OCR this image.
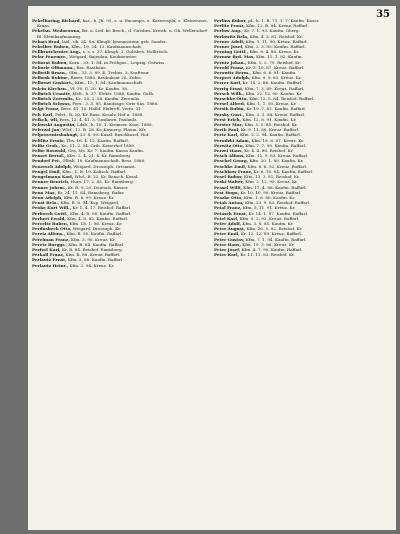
35

Pekelharing Richard, ksz., b. Jh. 95, s. u. Excampo, e. Kaseruspla, s. Kleinwusse, Kraas.

Pekelsn. Wedorowna, lkt. u. Lod. kr. Brsch., d. Gutsbes. Kreisb. u. Gh. Wellersdorf-Bl. Kleinkaufmannsg.

Pekari Brad, lasl., ob. 24. Sa. Klingb. Ipsmansteur, geb. Sonder.

Pekelber Ruben, Kfm., 19. 24. 13. Kaufmannschaft.

Pellbrozchenier Aug., s. s. s. 37. Klingh. 3. Gubsbes. Nolltrisch.

Pelar Fenemer., Weigard. Bajeulau, Kaulmeuster.

Peliorat Ruben, Kurn., 23. 1. 84. in Frebgus., Leipzig. Ostwiss.

Peliorie Olfimann., Rsz. Rasthaus.

Pelbotli Brsan., Gfm., 33. 3. 89. E. Trebus. 3. Kraftwur.

Pelbosk Rubine, Raser, 1883. Beubuksar 28. Zubis.

Pelbrozt Guskart., Kfm., 13. 1. 84. Kaufmannschaft.

Pelcin Kirchen., Vf. 30. G. 20. Kr. Kaufm. 38.

Pelbrich Uranitz, Mslt., h. 37. Elektr. 1888. Kaufm. Guth.

Pelbrich Zeremlis, Kr., 20. 2. 54. Kaufm. Zeremlis.

Pelbrich Schwas, Pers., 3. 3. 85. Bandsage, Orts-Sas. 1888.

Pelgt Franz, Besz. 41. 10. Halhf. Elxbreft. Verm. 31.

Pelt Karl, Pelst., B. 20. Kr. Rass. Kosalv. Hof u. 1888.

Pelkch, wll, Pers. 12. 4. 41. 3. Gosdawe. Paulaulz.

Pelowski Augustin, Ldsb., h. 10. 1. Kremser. Knoi. 1888.

Pelerzal Jan, Wlsf., 12. B. 28. Kr. Kasnerg. Flaum. Kfr.

Pelprovenirsbahngt, 23. 8. 90. Kasal. Buschkosel, Hof.

Peltlitz Ermio, Tbs. 16. 4. 12. Kaufm. Raffarl.

Pelfiz Grab., Kr., 11. 2. 54. Grib. Kaiserhof 1888.

Pelhe Roswold, Ges. Ms. Kr. 7. Kaufm. Kassa Kaufm.

Penert Bernd., Kfrs. 2. 4. 21. 4. Kr. Ramsberg.

Pendorf Pet., Plbsb. 18. Kaufmannschaft. Besz. 1888.

Penersch Adolph, Weigard. Drossuph. Ortsamst.

Pengel Emil, Kfm., 1. B. 19. Kalisch, Raffarl.

Pengelmann Karl, Wlsf., B. 22. Kr. Bensch. Kasal.

Penner Benrich, Hurs. 17. 2. 45. Kr. Ramsberg.

Penner Johrm., Kr. R. 9. 20. Deutsch. Kasser.

Penn Max, Rr. 24. 11. 84. Ramsberg. Rafar.

Penn Adolph, Kfm. R. 8. 99. Kreuz. Kr.

Penst Bela., Kfm. R. 8. 94. Ksp. Weigard.

Peoke Kurt Will., Kr. 1. 4. 17. Reishof. Raffarl.

Perberch Gottf., Kfm. 4. R. 90. Kaufm. Raffarl.

Perbert Ewald, Kfm. 4. 8. 82. Kaufm. Raffarl.

Perceltz Ruben, Kfm. 18. 1. 96. Kreuz. Kr.

Perdusbeck Otto, Weigard. Drossuph. Kr.

Pereiz Alfons., Kfm. R. 90. Kaufm. Raffarl.

Perelman Franz, Kfm. 3. 90. Kreuz. Kr.

Peretz Burggr., Kfm. B. 84. Kaufm. Raffarl.

Perferl Karl, Kr. R. 84. Reishof. Ramsberg.

Perkall Franz, Kfm. B. 88. Kreuz. Raffarl.

Perlautz Ernst, Kfm. 3. 86. Kaufm. Raffarl.

Perlautz Heinr., Kfm. 2. 94. Kreuz. Kr.

Perlins Rubor, pl., h. 1. R. 71. 1. 7. Kaufm. Kasor.

Perlitz Franz, Kfm. 12. B. 84. Kreuz. Raffarl.

Perlow Aug., Kr. 7. 1. 93. Kaufm. Oberg.

Perlowitz Bela, Kfm. 4. 3. 81. Reishof. Kr.

Perner Adolf, Kfm. 1. 11. 90. Kreuz. Raffarl.

Perner Josef, Kfm. 2. 3. 85. Kaufm. Raffarl.

Perning Gottf., Kfm. 8. 4. 88. Kreuz. Kr.

Pernow Brd. Max, Kfm. 11. 1. 92. Kaufm.

Perntz Johan., Kfm. 5. 2. 79. Reishof. Kr.

Perold Franz, Kr. 3. 10. 87. Kreuz. Raffarl.

Perowitz Herm., Kfm. 6. 6. 91. Kaufm.

Perpert Adolph, Kfm. 9. 9. 83. Kreuz. Kr.

Perrer Karl, Kr. 14. 2. 86. Kaufm. Raffarl.

Perrig Ernst, Kfm. 7. 3. 89. Kreuz. Raffarl.

Persch Wilh., Kfm. 22. 12. 90. Kaufm. Kr.

Perschke Otto, Kfm. 15. 5. 84. Reishof. Raffarl.

Persel Alfred, Kfm. 1. 1. 93. Kreuz. Kr.

Persik Rubin, Kr. 19. 7. 82. Kaufm. Raffarl.

Persky Gust., Kfm. 3. 3. 88. Kreuz. Raffarl.

Perst Erich, Kfm. 12. 8. 91. Kaufm. Kr.

Perster Max, Kfm. 5. 5. 85. Reishof. Kr.

Perth Paul, Kr. 9. 11. 80. Kreuz. Raffarl.

Pertz Karl, Kfm. 2. 2. 94. Kaufm. Raffarl.

Perudzki Adam, Kfm. 18. 6. 87. Kreuz. Kr.

Perwitz Otto, Kfm. 7. 7. 90. Kaufm. Raffarl.

Perzel Hans, Kr. 4. 4. 86. Reishof. Kr.

Pesch Alfons, Kfm. 11. 9. 83. Kreuz. Raffarl.

Peschel Georg, Kfm. 20. 1. 89. Kaufm. Kr.

Peschke Emil, Kfm. 8. 8. 92. Kreuz. Raffarl.

Peschkow Franz, Kr. 6. 10. 84. Kaufm. Raffarl.

Pesel Rubor, Kfm. 13. 3. 81. Reishof. Kr.

Peski Walter, Kfm. 2. 12. 95. Kreuz. Kr.

Pessel Willi, Kfm. 17. 4. 88. Kaufm. Raffarl.

Pest Hugo, Kr. 10. 10. 90. Kreuz. Raffarl.

Peszke Otto, Kfm. 1. 6. 86. Kaufm. Kr.

Petak Anton, Kfm. 23. 9. 83. Reishof. Raffarl.

Petal Franz, Kfm. 5. 11. 91. Kreuz. Kr.

Petasch Ernst, Kr. 14. 1. 87. Kaufm. Raffarl.

Petel Karl, Kfm. 9. 2. 93. Kreuz. Raffarl.

Peter Adolf, Kfm. 3. 8. 85. Kaufm. Kr.

Peter August, Kfm. 26. 5. 82. Reishof. Kr.

Peter Emil, Kr. 12. 12. 89. Kreuz. Raffarl.

Peter Gustav, Kfm. 7. 1. 94. Kaufm. Raffarl.

Peter Hans, Kfm. 19. 3. 86. Kreuz. Kr.

Peter Josef, Kfm. 4. 7. 90. Kaufm. Raffarl.

Peter Karl, Kr. 11. 11. 83. Reishof. Kr.
